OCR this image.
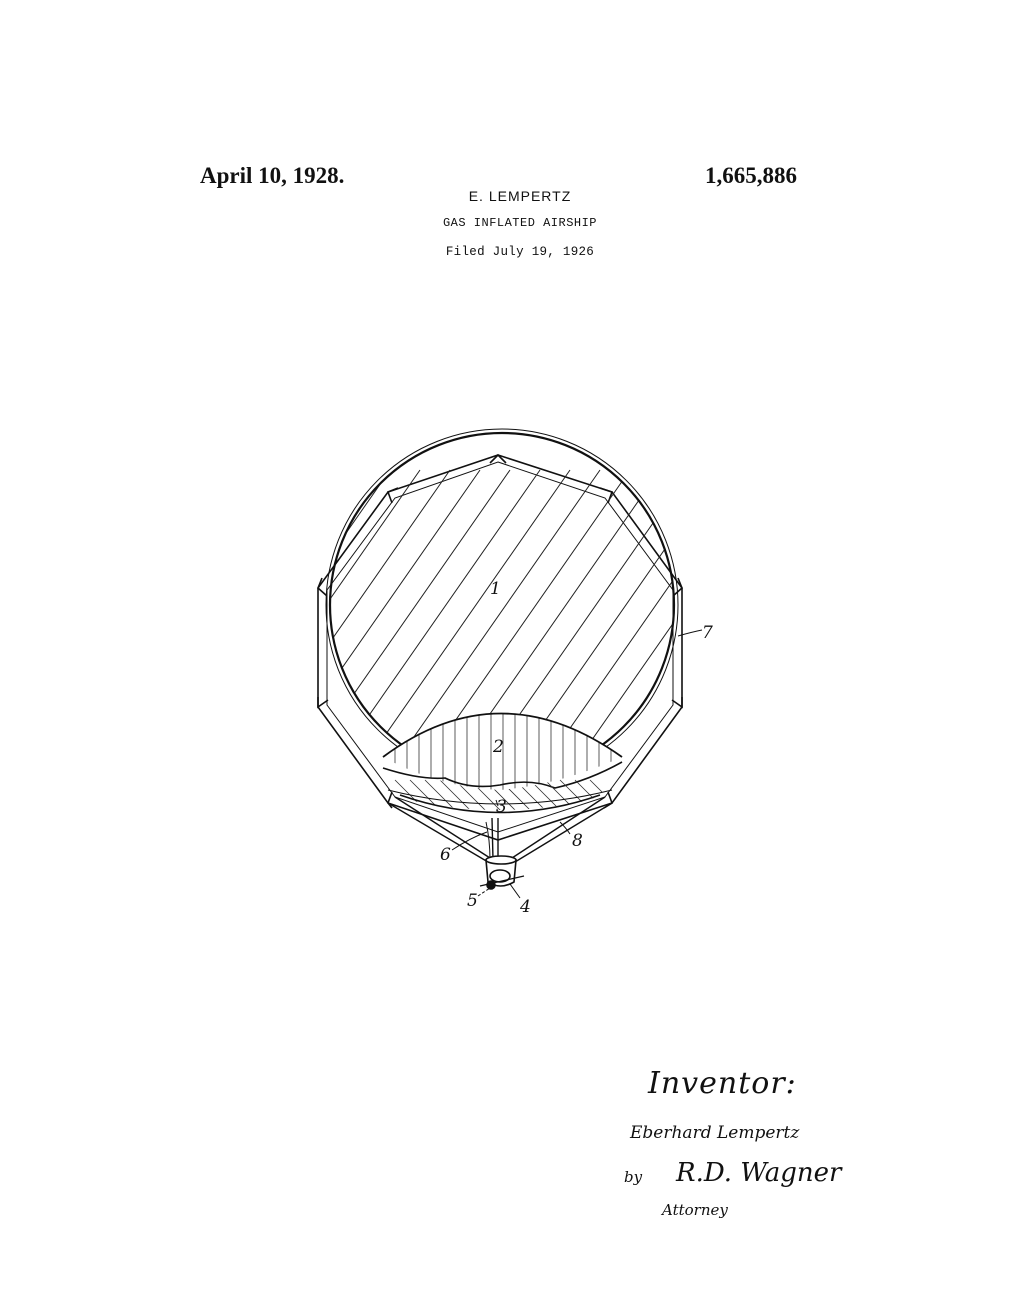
April 10, 1928.	1,665,886
E. LEMPERTZ
GAS INFLATED AIRSHIP
Filed July 19, 1926
1
2
3
4
5
6
7
8
Inventor:
Eberhard Lempertz
by R.D. Wagner
Attorney
